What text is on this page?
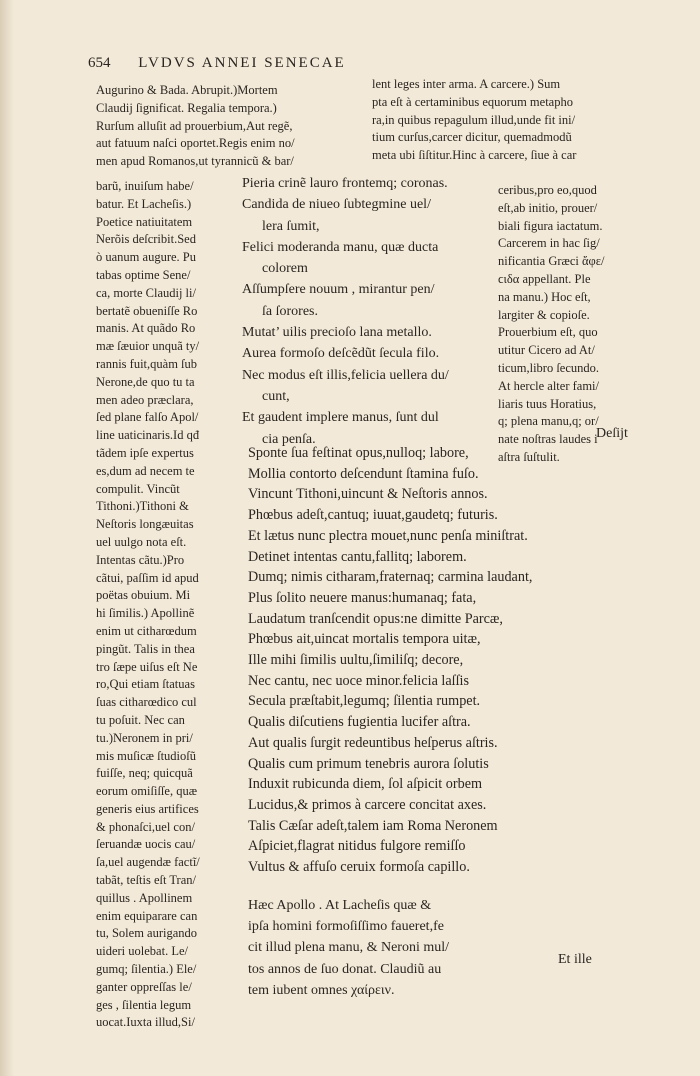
654 LVDVS ANNEI SENECAE
Augurino & Bada. Abrupit.)Mortem
Claudij ſignificat. Regalia tempora.)
Rurſum alluſit ad prouerbium,Aut regẽ,
aut fatuum naſci oportet.Regis enim no/
men apud Romanos,ut tyrannicũ & bar/
barũ, inuiſum habe/
batur. Et Lacheſis.)
Poetice natiuitatem
Nerõis deſcribit.Sed
ò uanum augure. Pu
tabas optime Sene/
ca, morte Claudij li/
bertatẽ obueniſſe Ro
manis. At quãdo Ro
mæ ſæuior unquã ty/
rannis fuit,quàm ſub
Nerone,de quo tu ta
men adeo præclara,
ſed plane falſo Apol/
line uaticinaris.Id qđ
tãdem ipſe expertus
es,dum ad necem te
compulit. Vincũt
Tithoni.)Tithoni &
Neſtoris longæuitas
uel uulgo nota eſt.
Intentas cãtu.)Pro
cãtui, paſſim id apud
poëtas obuium. Mi
hi ſimilis.) Apollinẽ
enim ut citharœdum
pingũt. Talis in thea
tro ſæpe uiſus eſt Ne
ro,Qui etiam ſtatuas
ſuas citharœdico cul
tu poſuit. Nec can
tu.)Neronem in pri/
mis muſicæ ſtudioſũ
fuiſſe, neq; quicquã
eorum omiſiſſe, quæ
generis eius artifices
& phonaſci,uel con/
ſeruandæ uocis cau/
ſa,uel augendæ factĩ/
tabãt, teſtis eſt Tran/
quillus . Apollinem
enim equiparare can
tu, Solem aurigando
uideri uolebat. Le/
gumq; ſilentia.) Ele/
ganter oppreſſas le/
ges , ſilentia legum
uocat.Iuxta illud,Si/
lent leges inter arma. A carcere.) Sum
pta eſt à certaminibus equorum metapho
ra,in quibus repagulum illud,unde fit ini/
tium curſus,carcer dicitur, quemadmodũ
meta ubi ſiſtitur.Hinc à carcere, ſiue à car
ceribus,pro eo,quod
eſt,ab initio, prouer/
biali figura iactatum.
Carcerem in hac ſig/
nificantia Græci ἄφε/
ϲιδα appellant. Ple
na manu.) Hoc eſt,
largiter & copioſe.
Prouerbium eſt, quo
utitur Cicero ad At/
ticum,libro ſecundo.
At hercle alter fami/
liaris tuus Horatius,
q; plena manu,q; or/
nate noſtras laudes i
aſtra ſuſtulit.
Pieria crinẽ lauro frontemq; coronas.
Candida de niueo ſubtegmine uel/
lera ſumit,
Felici moderanda manu, quæ ducta
colorem
Aſſumpſere nouum , mirantur pen/
ſa ſorores.
Mutat’ uilis precioſo lana metallo.
Aurea formoſo deſcẽdũt ſecula filo.
Nec modus eſt illis,felicia uellera du/
cunt,
Et gaudent implere manus, ſunt dul
cia penſa.	Deſijt
Sponte ſua feſtinat opus,nulloq; labore,
Mollia contorto deſcendunt ſtamina fuſo.
Vincunt Tithoni,uincunt & Neſtoris annos.
Phœbus adeſt,cantuq; iuuat,gaudetq; futuris.
Et lætus nunc plectra mouet,nunc penſa miniſtrat.
Detinet intentas cantu,fallitq; laborem.
Dumq; nimis citharam,fraternaq; carmina laudant,
Plus ſolito neuere manus:humanaq; fata,
Laudatum tranſcendit opus:ne dimitte Parcæ,
Phœbus ait,uincat mortalis tempora uitæ,
Ille mihi ſimilis uultu,ſimiliſq; decore,
Nec cantu, nec uoce minor.felicia laſſis
Secula præſtabit,legumq; ſilentia rumpet.
Qualis diſcutiens fugientia lucifer aſtra.
Aut qualis ſurgit redeuntibus heſperus aſtris.
Qualis cum primum tenebris aurora ſolutis
Induxit rubicunda diem, ſol aſpicit orbem
Lucidus,& primos à carcere concitat axes.
Talis Cæſar adeſt,talem iam Roma Neronem
Aſpiciet,flagrat nitidus fulgore remiſſo
Vultus & affuſo ceruix formoſa capillo.
Hæc Apollo . At Lacheſis quæ &
ipſa homini formoſiſſimo faueret,fe
cit illud plena manu, & Neroni mul/
tos annos de ſuo donat. Claudiũ au
tem iubent omnes χαίρειν.
Et ille
